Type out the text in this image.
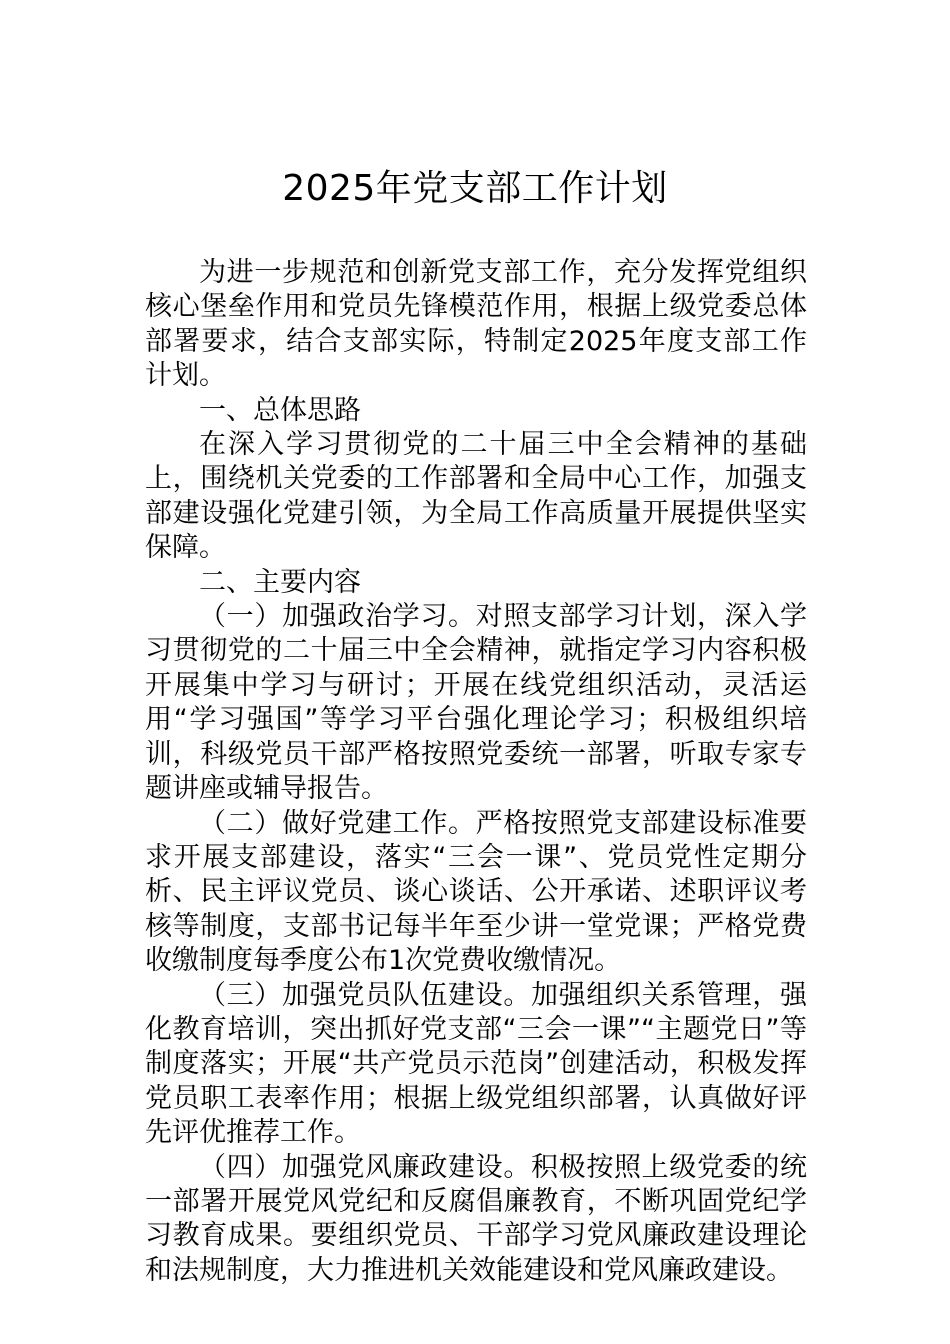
2025年党支部工作计划

为进一步规范和创新党支部工作，充分发挥党组织核心堡垒作用和党员先锋模范作用，根据上级党委总体部署要求，结合支部实际，特制定2025年度支部工作计划。

一、总体思路

在深入学习贯彻党的二十届三中全会精神的基础上，围绕机关党委的工作部署和全局中心工作，加强支部建设强化党建引领，为全局工作高质量开展提供坚实保障。

二、主要内容

（一）加强政治学习。对照支部学习计划，深入学习贯彻党的二十届三中全会精神，就指定学习内容积极开展集中学习与研讨；开展在线党组织活动，灵活运用“学习强国”等学习平台强化理论学习；积极组织培训，科级党员干部严格按照党委统一部署，听取专家专题讲座或辅导报告。

（二）做好党建工作。严格按照党支部建设标准要求开展支部建设，落实“三会一课”、党员党性定期分析、民主评议党员、谈心谈话、公开承诺、述职评议考核等制度，支部书记每半年至少讲一堂党课；严格党费收缴制度每季度公布1次党费收缴情况。

（三）加强党员队伍建设。加强组织关系管理，强化教育培训，突出抓好党支部“三会一课”“主题党日”等制度落实；开展“共产党员示范岗”创建活动，积极发挥党员职工表率作用；根据上级党组织部署，认真做好评先评优推荐工作。

（四）加强党风廉政建设。积极按照上级党委的统一部署开展党风党纪和反腐倡廉教育，不断巩固党纪学习教育成果。要组织党员、干部学习党风廉政建设理论和法规制度，大力推进机关效能建设和党风廉政建设。
